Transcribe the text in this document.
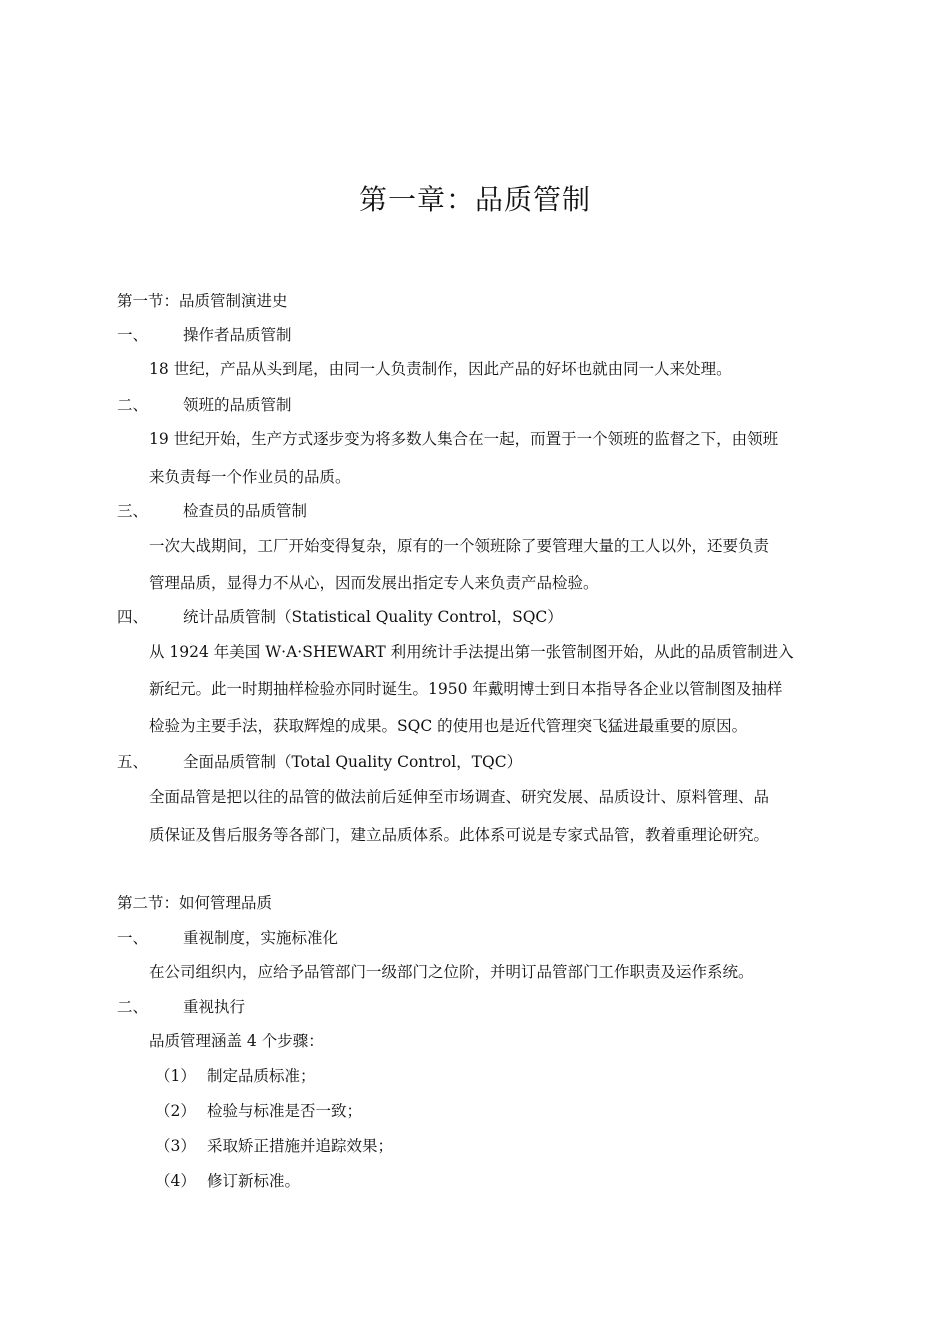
第一章：品质管制
第一节：品质管制演进史
一、 操作者品质管制
18 世纪，产品从头到尾，由同一人负责制作，因此产品的好坏也就由同一人来处理。
二、 领班的品质管制
19 世纪开始，生产方式逐步变为将多数人集合在一起，而置于一个领班的监督之下，由领班
来负责每一个作业员的品质。
三、 检查员的品质管制
一次大战期间，工厂开始变得复杂，原有的一个领班除了要管理大量的工人以外，还要负责
管理品质，显得力不从心，因而发展出指定专人来负责产品检验。
四、 统计品质管制（Statistical Quality Control，SQC）
从 1924 年美国 W·A·SHEWART 利用统计手法提出第一张管制图开始，从此的品质管制进入
新纪元。此一时期抽样检验亦同时诞生。1950 年戴明博士到日本指导各企业以管制图及抽样
检验为主要手法，获取辉煌的成果。SQC 的使用也是近代管理突飞猛进最重要的原因。
五、 全面品质管制（Total Quality Control，TQC）
全面品管是把以往的品管的做法前后延伸至市场调查、研究发展、品质设计、原料管理、品
质保证及售后服务等各部门，建立品质体系。此体系可说是专家式品管，教着重理论研究。
第二节：如何管理品质
一、 重视制度，实施标准化
在公司组织内，应给予品管部门一级部门之位阶，并明订品管部门工作职责及运作系统。
二、 重视执行
品质管理涵盖 4 个步骤：
（1） 制定品质标准；
（2） 检验与标准是否一致；
（3） 采取矫正措施并追踪效果；
（4） 修订新标准。
